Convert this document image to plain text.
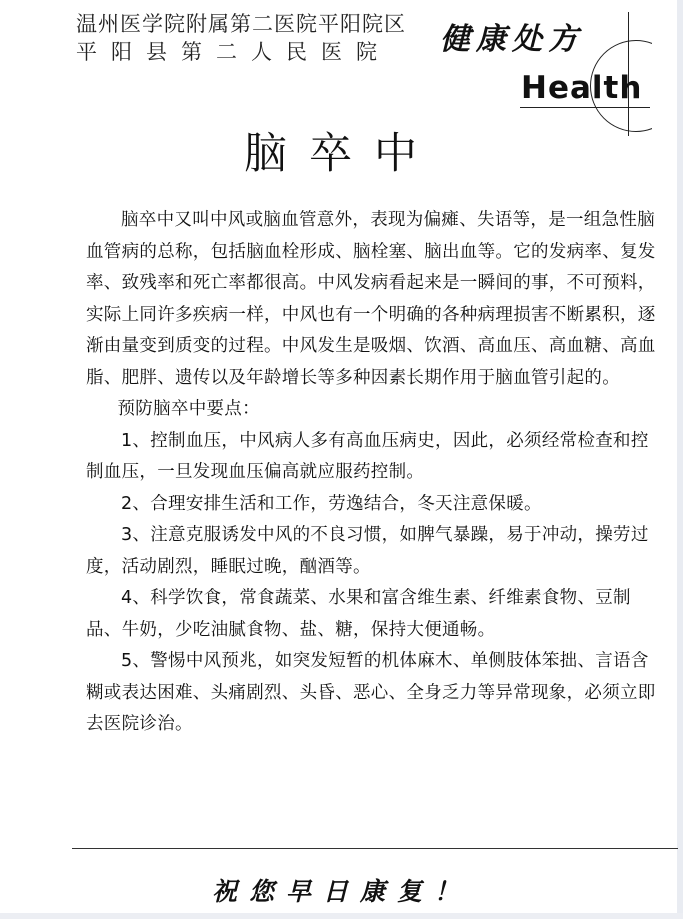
温州医学院附属第二医院平阳院区
平阳县第二人民医院 健康处方
Health
脑卒中

脑卒中又叫中风或脑血管意外，表现为偏瘫、失语等，是一组急性脑血管病的总称，包括脑血栓形成、脑栓塞、脑出血等。它的发病率、复发率、致残率和死亡率都很高。中风发病看起来是一瞬间的事，不可预料，实际上同许多疾病一样，中风也有一个明确的各种病理损害不断累积，逐渐由量变到质变的过程。中风发生是吸烟、饮酒、高血压、高血糖、高血脂、肥胖、遗传以及年龄增长等多种因素长期作用于脑血管引起的。

预防脑卒中要点：

1、控制血压，中风病人多有高血压病史，因此，必须经常检查和控制血压，一旦发现血压偏高就应服药控制。

2、合理安排生活和工作，劳逸结合，冬天注意保暖。

3、注意克服诱发中风的不良习惯，如脾气暴躁，易于冲动，操劳过度，活动剧烈，睡眠过晚，酗酒等。

4、科学饮食，常食蔬菜、水果和富含维生素、纤维素食物、豆制品、牛奶，少吃油腻食物、盐、糖，保持大便通畅。

5、警惕中风预兆，如突发短暂的机体麻木、单侧肢体笨拙、言语含糊或表达困难、头痛剧烈、头昏、恶心、全身乏力等异常现象，必须立即去医院诊治。

祝您早日康复！
